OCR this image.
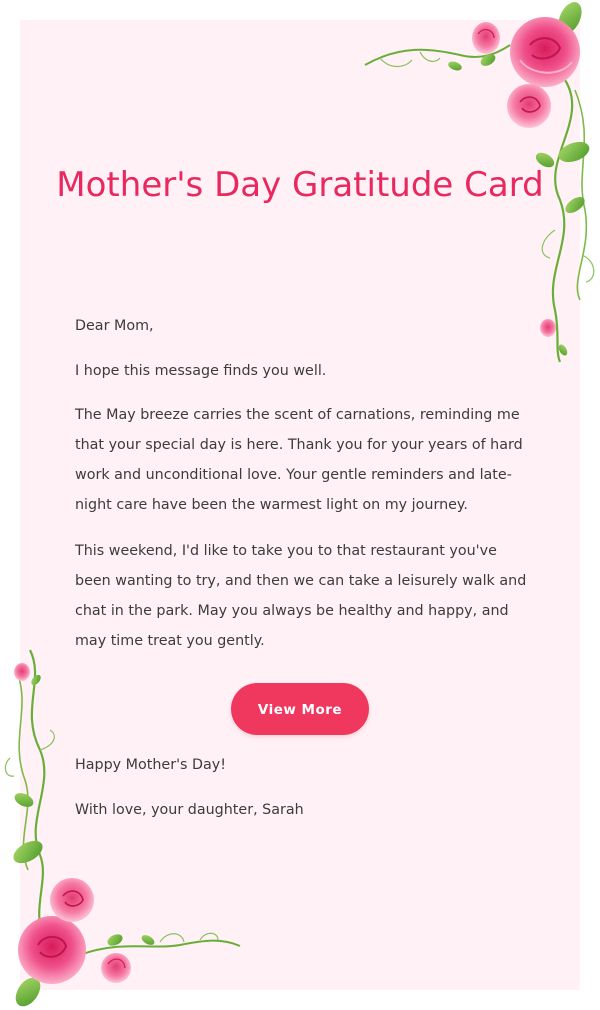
Mother's Day Gratitude Card

Dear Mom,

I hope this message finds you well.

The May breeze carries the scent of carnations, reminding me that your special day is here. Thank you for your years of hard work and unconditional love. Your gentle reminders and late-night care have been the warmest light on my journey.

This weekend, I'd like to take you to that restaurant you've been wanting to try, and then we can take a leisurely walk and chat in the park. May you always be healthy and happy, and may time treat you gently.

View More

Happy Mother's Day!

With love, your daughter, Sarah
